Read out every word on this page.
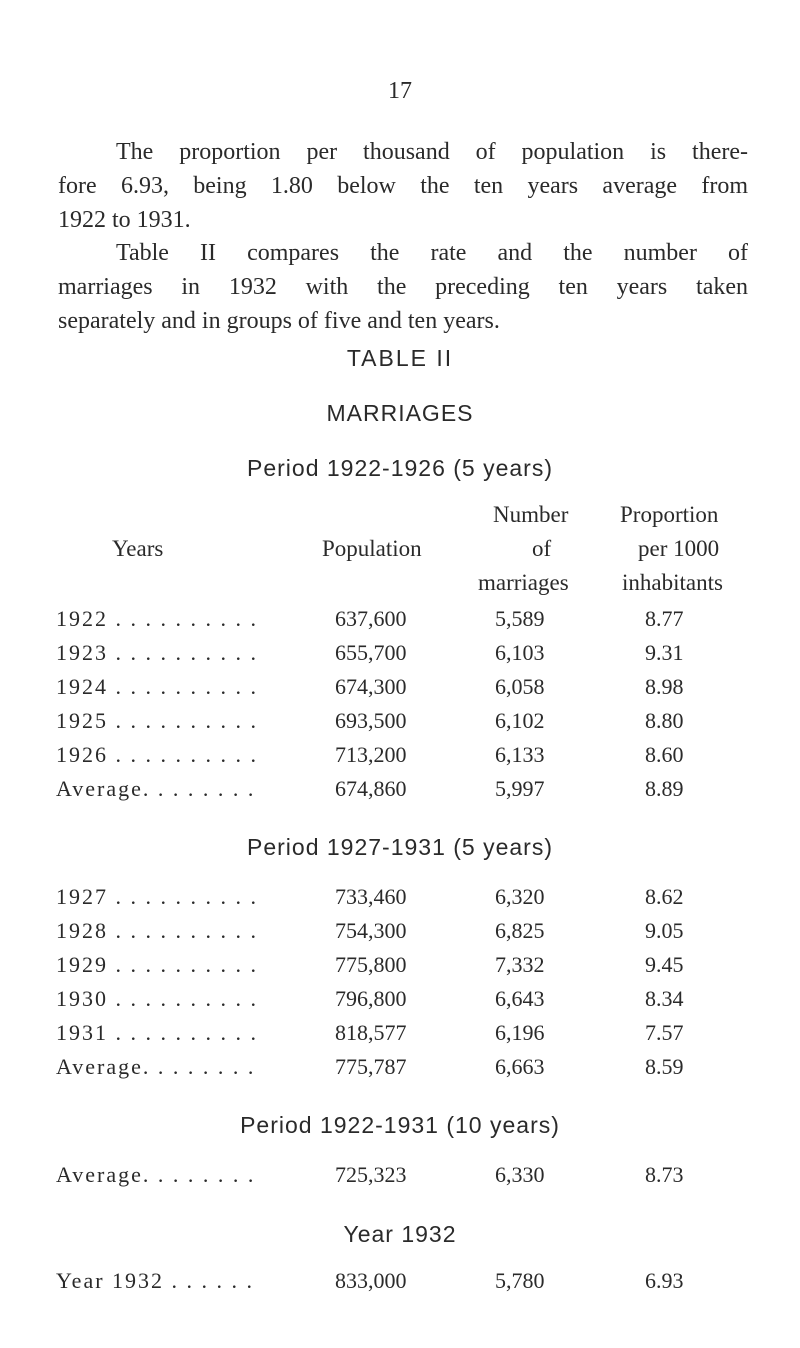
17

The proportion per thousand of population is there-
fore 6.93, being 1.80 below the ten years average from
1922 to 1931.

Table II compares the rate and the number of
marriages in 1932 with the preceding ten years taken
separately and in groups of five and ten years.

TABLE II
MARRIAGES
Period 1922-1926 (5 years)
Number Proportion
Years	Population	of	per 1000
marriages inhabitants
1922 . . . . . . . . . .	637,600	5,589	8.77
1923 . . . . . . . . . .	655,700	6,103	9.31
1924 . . . . . . . . . .	674,300	6,058	8.98
1925 . . . . . . . . . .	693,500	6,102	8.80
1926 . . . . . . . . . .	713,200	6,133	8.60
Average. . . . . . . .	674,860	5,997	8.89
Period 1927-1931 (5 years)
1927 . . . . . . . . . .	733,460	6,320	8.62
1928 . . . . . . . . . .	754,300	6,825	9.05
1929 . . . . . . . . . .	775,800	7,332	9.45
1930 . . . . . . . . . .	796,800	6,643	8.34
1931 . . . . . . . . . .	818,577	6,196	7.57
Average. . . . . . . .	775,787	6,663	8.59
Period 1922-1931 (10 years)
Average. . . . . . . .	725,323	6,330	8.73
Year 1932
Year 1932 . . . . . .	833,000	5,780	6.93
